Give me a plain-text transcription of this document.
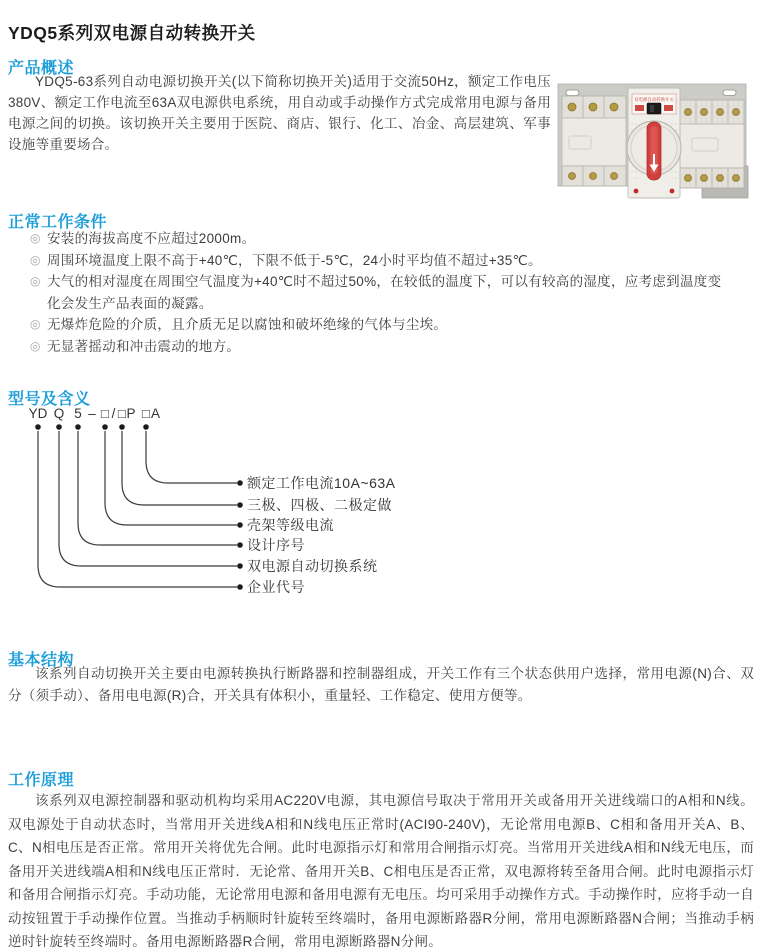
YDQ5系列双电源自动转换开关
产品概述

YDQ5-63系列自动电源切换开关(以下简称切换开关)适用于交流50Hz，额定工作电压380V、额定工作电流至63A双电源供电系统，用自动或手动操作方式完成常用电源与备用电源之间的切换。该切换开关主要用于医院、商店、银行、化工、冶金、高层建筑、军事设施等重要场合。

双电源自动转换开关
正常工作条件
◎ 安装的海拔高度不应超过2000m。
◎ 周围环境温度上限不高于+40℃，下限不低于-5℃，24小时平均值不超过+35℃。
◎ 大气的相对湿度在周围空气温度为+40℃时不超过50%，在较低的温度下，可以有较高的湿度，应考虑到温度变化会发生产品表面的凝露。
◎ 无爆炸危险的介质，且介质无足以腐蚀和破坏绝缘的气体与尘埃。
◎ 无显著摇动和冲击震动的地方。
型号及含义
YD Q 5 – □ / □ P □ A
额定工作电流10A~63A
三极、四极、二极定做
壳架等级电流
设计序号
双电源自动切换系统
企业代号
基本结构

该系列自动切换开关主要由电源转换执行断路器和控制器组成，开关工作有三个状态供用户选择，常用电源(N)合、双分（须手动）、备用电电源(R)合，开关具有体积小，重量轻、工作稳定、使用方便等。

工作原理

该系列双电源控制器和驱动机构均采用AC220V电源，其电源信号取决于常用开关或备用开关进线端口的A相和N线。双电源处于自动状态时，当常用开关进线A相和N线电压正常时(ACI90-240V)，无论常用电源B、C相和备用开关A、B、C、N相电压是否正常。常用开关将优先合闸。此时电源指示灯和常用合闸指示灯亮。当常用开关进线A相和N线无电压，而备用开关进线端A相和N线电压正常时．无论常、备用开关B、C相电压是否正常，双电源将转至备用合闸。此时电源指示灯和备用合闸指示灯亮。手动功能，无论常用电源和备用电源有无电压。均可采用手动操作方式。手动操作时，应将手动一自动按钮置于手动操作位置。当推动手柄顺时针旋转至终端时，备用电源断路器R分闸，常用电源断路器N合闸；当推动手柄逆时针旋转至终端时。备用电源断路器R合闸，常用电源断路器N分闸。
